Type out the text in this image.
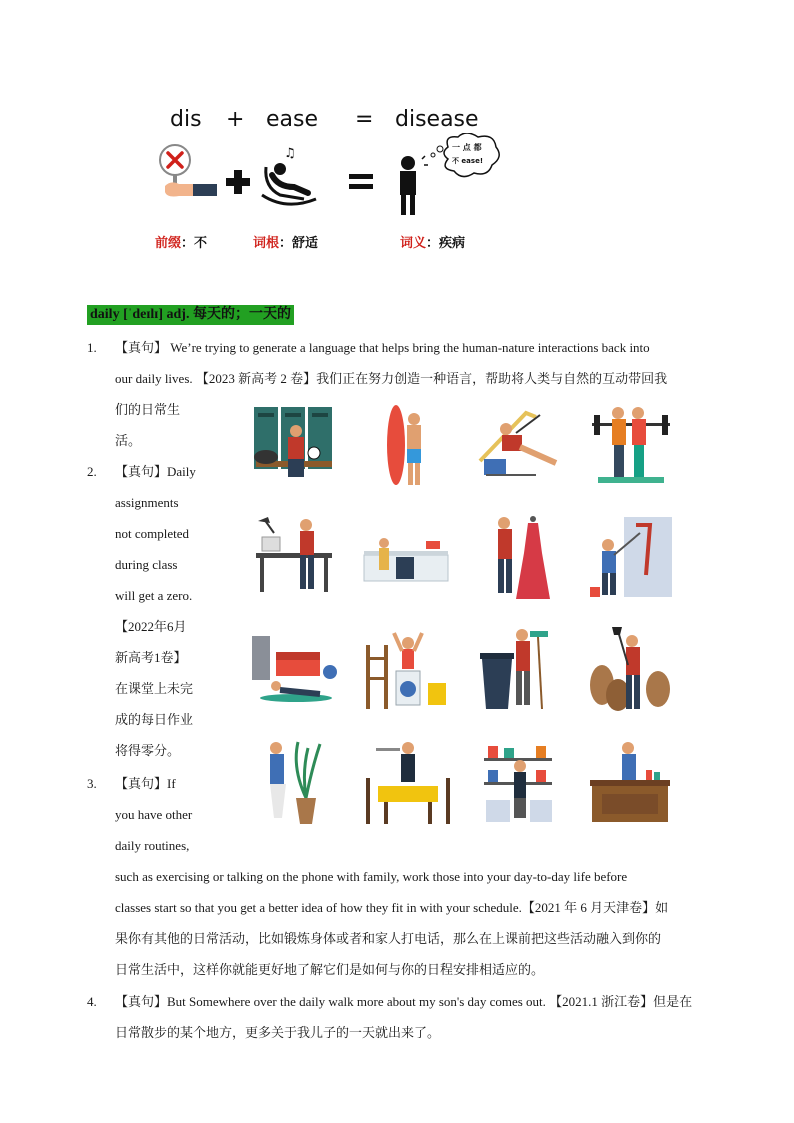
dis + ease = disease
♫	一 点 都
不 ease!
前缀：不	词根：舒适	词义：疾病
daily [ˈdeɪlɪ] adj. 每天的；一天的
1. 【真句】 We’re trying to generate a language that helps bring the human-nature interactions back into
our daily lives. 【2023 新高考 2 卷】我们正在努力创造一种语言，帮助将人类与自然的互动带回我
们的日常生
活。
2. 【真句】Daily
assignments
not completed
during class
will get a zero.
【2022年6月
新高考1卷】
在课堂上未完
成的每日作业
将得零分。
3. 【真句】If
you have other
daily routines,
such as exercising or talking on the phone with family, work those into your day-to-day life before
classes start so that you get a better idea of how they fit in with your schedule.【2021 年 6 月天津卷】如
果你有其他的日常活动，比如锻炼身体或者和家人打电话，那么在上课前把这些活动融入到你的
日常生活中，这样你就能更好地了解它们是如何与你的日程安排相适应的。
4. 【真句】But Somewhere over the daily walk more about my son's day comes out. 【2021.1 浙江卷】但是在
日常散步的某个地方，更多关于我儿子的一天就出来了。
